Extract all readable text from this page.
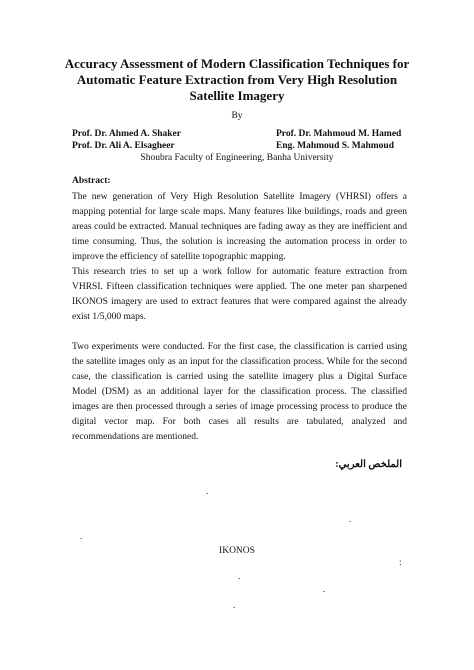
Accuracy Assessment of Modern Classification Techniques for
Automatic Feature Extraction from Very High Resolution
Satellite Imagery
By
Prof. Dr. Ahmed A. Shaker	Prof. Dr. Mahmoud M. Hamed
Prof. Dr. Ali A. Elsagheer	Eng. Mahmoud S. Mahmoud
Shoubra Faculty of Engineering, Banha University
Abstract:
The new generation of Very High Resolution Satellite Imagery (VHRSI) offers a mapping potential for large scale maps. Many features like buildings, roads and green areas could be extracted. Manual techniques are fading away as they are inefficient and time consuming. Thus, the solution is increasing the automation process in order to improve the efficiency of satellite topographic mapping.
This research tries to set up a work follow for automatic feature extraction from VHRSI. Fifteen classification techniques were applied. The one meter pan sharpened IKONOS imagery are used to extract features that were compared against the already exist 1/5,000 maps.
Two experiments were conducted. For the first case, the classification is carried using the satellite images only as an input for the classification process. While for the second case, the classification is carried using the satellite imagery plus a Digital Surface Model (DSM) as an additional layer for the classification process. The classified images are then processed through a series of image processing process to produce the digital vector map. For both cases all results are tabulated, analyzed and recommendations are mentioned.
الملخص العربي:
.
.
.
IKONOS
:
.
.
.
